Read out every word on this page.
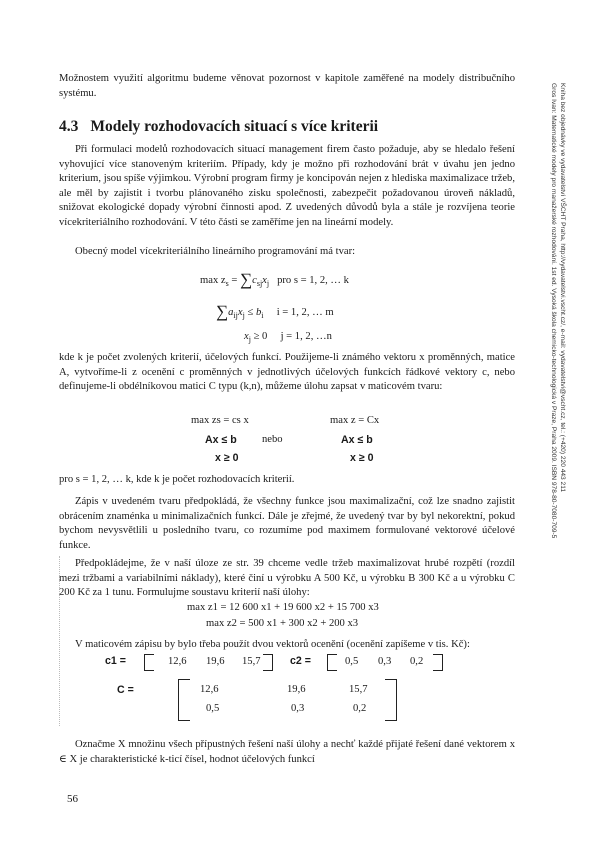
Možnostem využití algoritmu budeme věnovat pozornost v kapitole zaměřené na modely distribučního systému.
4.3 Modely rozhodovacích situací s více kriterii
Při formulaci modelů rozhodovacích situací management firem často požaduje, aby se hledalo řešení vyhovující více stanoveným kriteriím. Případy, kdy je možno při rozhodování brát v úvahu jen jedno kriterium, jsou spíše výjimkou. Výrobní program firmy je koncipován nejen z hlediska maximalizace tržeb, ale měl by zajistit i tvorbu plánovaného zisku společnosti, zabezpečit požadovanou úroveň nákladů, snižovat ekologické dopady výrobní činnosti apod. Z uvedených důvodů byla a stále je rozvíjena teorie vícekriteriálního rozhodování. V této části se zaměříme jen na lineární modely.
Obecný model vícekriteriálního lineárního programování má tvar:
$\max z_s = \sum c_{sj}x_j$ pro s = 1, 2, … k
$\sum a_{ij}x_j \le b_i$ i = 1, 2, … m
$x_j \ge 0$     j = 1, 2, …n
kde k je počet zvolených kriterií, účelových funkcí. Použijeme-li známého vektoru x proměnných, matice A, vytvoříme-li z ocenění c proměnných v jednotlivých účelových funkcích řádkové vektory c, nebo definujeme-li obdélníkovou matici C typu (k,n), můžeme úlohu zapsat v maticovém tvaru:
max zs = cs x
Ax ≤ b nebo
x ≥ 0
max z = Cx
Ax ≤ b
x ≥ 0
pro s = 1, 2, … k, kde k je počet rozhodovacích kriterií.
Zápis v uvedeném tvaru předpokládá, že všechny funkce jsou maximalizační, což lze snadno zajistit obrácením znaménka u minimalizačních funkcí. Dále je zřejmé, že uvedený tvar by byl nekorektní, pokud bychom nevysvětlili u posledního tvaru, co rozumíme pod maximem formulované vektorové účelové funkce.
Předpokládejme, že v naší úloze ze str. 39 chceme vedle tržeb maximalizovat hrubé rozpětí (rozdíl mezi tržbami a variabilními náklady), které činí u výrobku A 500 Kč, u výrobku B 300 Kč a u výrobku C 200 Kč za 1 tunu. Formulujme soustavu kriterií naší úlohy:
max z1 = 12 600 x1 + 19 600 x2 + 15 700 x3
max z2 = 500 x1 + 300 x2 + 200 x3
V maticovém zápisu by bylo třeba použít dvou vektorů ocenění (ocenění zapíšeme v tis. Kč):
c1 =	12,6 19,6 15,7	c2 =	0,5 0,3 0,2
C =	12,6	19,6	15,7
0,5	0,3	0,2
Označme X množinu všech přípustných řešení naší úlohy a nechť každé přijaté řešení dané vektorem x ∈ X je charakteristické k-ticí čísel, hodnot účelových funkcí
56
Gros Ivan: Matematické modely pro manažerské rozhodování. 1st ed. Vysoká škola chemicko-technologická v Praze, Praha 2009. ISBN 978-80-7080-709-5 Kniha bez objednávky ve vydavatelství VŠCHT Praha, http://vydavatelstvi.vscht.cz/, e-mail: vydavatelstvi@vscht.cz, tel.: (+420) 220 443 211
